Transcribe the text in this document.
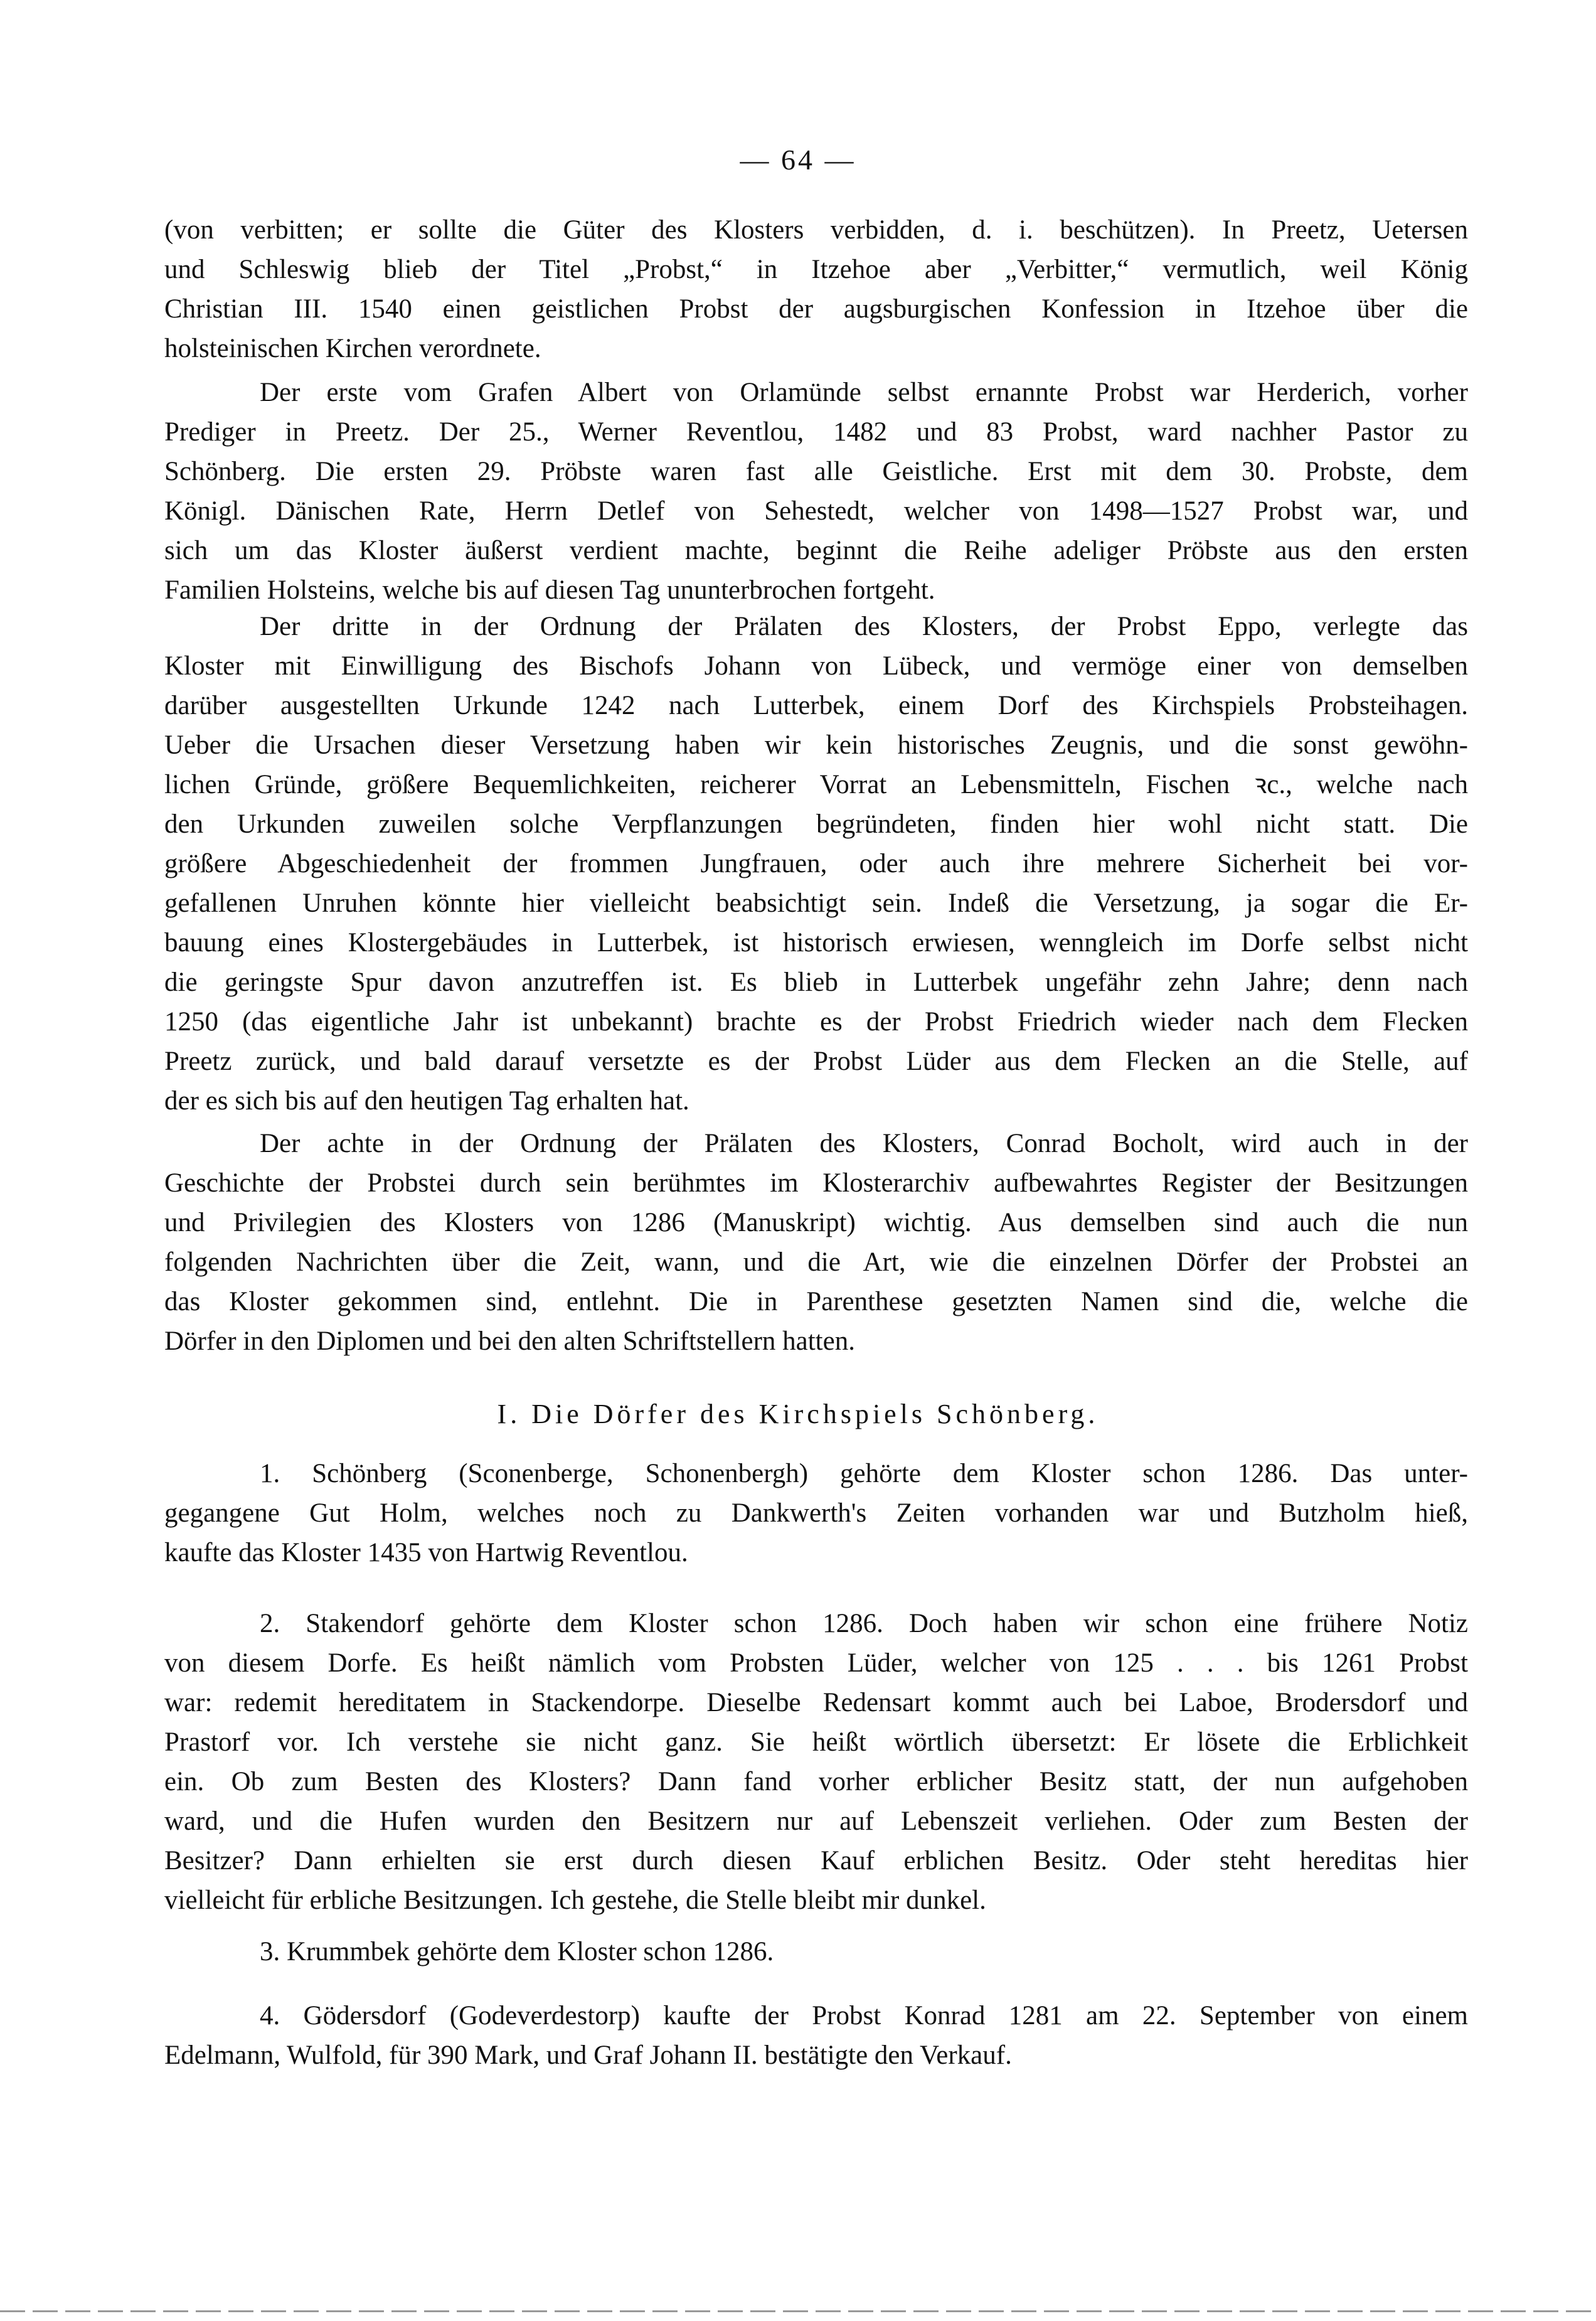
— 64 —
(von verbitten; er sollte die Güter des Klosters verbidden, d. i. beschützen). In Preetz, Uetersen
und Schleswig blieb der Titel „Probst,“ in Itzehoe aber „Verbitter,“ vermutlich, weil König
Christian III. 1540 einen geistlichen Probst der augsburgischen Konfession in Itzehoe über die
holsteinischen Kirchen verordnete.
Der erste vom Grafen Albert von Orlamünde selbst ernannte Probst war Herderich, vorher
Prediger in Preetz. Der 25., Werner Reventlou, 1482 und 83 Probst, ward nachher Pastor zu
Schönberg. Die ersten 29. Pröbste waren fast alle Geistliche. Erst mit dem 30. Probste, dem
Königl. Dänischen Rate, Herrn Detlef von Sehestedt, welcher von 1498—1527 Probst war, und
sich um das Kloster äußerst verdient machte, beginnt die Reihe adeliger Pröbste aus den ersten
Familien Holsteins, welche bis auf diesen Tag ununterbrochen fortgeht.
Der dritte in der Ordnung der Prälaten des Klosters, der Probst Eppo, verlegte das
Kloster mit Einwilligung des Bischofs Johann von Lübeck, und vermöge einer von demselben
darüber ausgestellten Urkunde 1242 nach Lutterbek, einem Dorf des Kirchspiels Probsteihagen.
Ueber die Ursachen dieser Versetzung haben wir kein historisches Zeugnis, und die sonst gewöhn-
lichen Gründe, größere Bequemlichkeiten, reicherer Vorrat an Lebensmitteln, Fischen ꝛc., welche nach
den Urkunden zuweilen solche Verpflanzungen begründeten, finden hier wohl nicht statt. Die
größere Abgeschiedenheit der frommen Jungfrauen, oder auch ihre mehrere Sicherheit bei vor-
gefallenen Unruhen könnte hier vielleicht beabsichtigt sein. Indeß die Versetzung, ja sogar die Er-
bauung eines Klostergebäudes in Lutterbek, ist historisch erwiesen, wenngleich im Dorfe selbst nicht
die geringste Spur davon anzutreffen ist. Es blieb in Lutterbek ungefähr zehn Jahre; denn nach
1250 (das eigentliche Jahr ist unbekannt) brachte es der Probst Friedrich wieder nach dem Flecken
Preetz zurück, und bald darauf versetzte es der Probst Lüder aus dem Flecken an die Stelle, auf
der es sich bis auf den heutigen Tag erhalten hat.
Der achte in der Ordnung der Prälaten des Klosters, Conrad Bocholt, wird auch in der
Geschichte der Probstei durch sein berühmtes im Klosterarchiv aufbewahrtes Register der Besitzungen
und Privilegien des Klosters von 1286 (Manuskript) wichtig. Aus demselben sind auch die nun
folgenden Nachrichten über die Zeit, wann, und die Art, wie die einzelnen Dörfer der Probstei an
das Kloster gekommen sind, entlehnt. Die in Parenthese gesetzten Namen sind die, welche die
Dörfer in den Diplomen und bei den alten Schriftstellern hatten.
1. Schönberg (Sconenberge, Schonenbergh) gehörte dem Kloster schon 1286. Das unter-
gegangene Gut Holm, welches noch zu Dankwerth's Zeiten vorhanden war und Butzholm hieß,
kaufte das Kloster 1435 von Hartwig Reventlou.
2. Stakendorf gehörte dem Kloster schon 1286. Doch haben wir schon eine frühere Notiz
von diesem Dorfe. Es heißt nämlich vom Probsten Lüder, welcher von 125 . . . bis 1261 Probst
war: redemit hereditatem in Stackendorpe. Dieselbe Redensart kommt auch bei Laboe, Brodersdorf und
Prastorf vor. Ich verstehe sie nicht ganz. Sie heißt wörtlich übersetzt: Er lösete die Erblichkeit
ein. Ob zum Besten des Klosters? Dann fand vorher erblicher Besitz statt, der nun aufgehoben
ward, und die Hufen wurden den Besitzern nur auf Lebenszeit verliehen. Oder zum Besten der
Besitzer? Dann erhielten sie erst durch diesen Kauf erblichen Besitz. Oder steht hereditas hier
vielleicht für erbliche Besitzungen. Ich gestehe, die Stelle bleibt mir dunkel.
3. Krummbek gehörte dem Kloster schon 1286.
4. Gödersdorf (Godeverdestorp) kaufte der Probst Konrad 1281 am 22. September von einem
Edelmann, Wulfold, für 390 Mark, und Graf Johann II. bestätigte den Verkauf.
I. Die Dörfer des Kirchspiels Schönberg.
